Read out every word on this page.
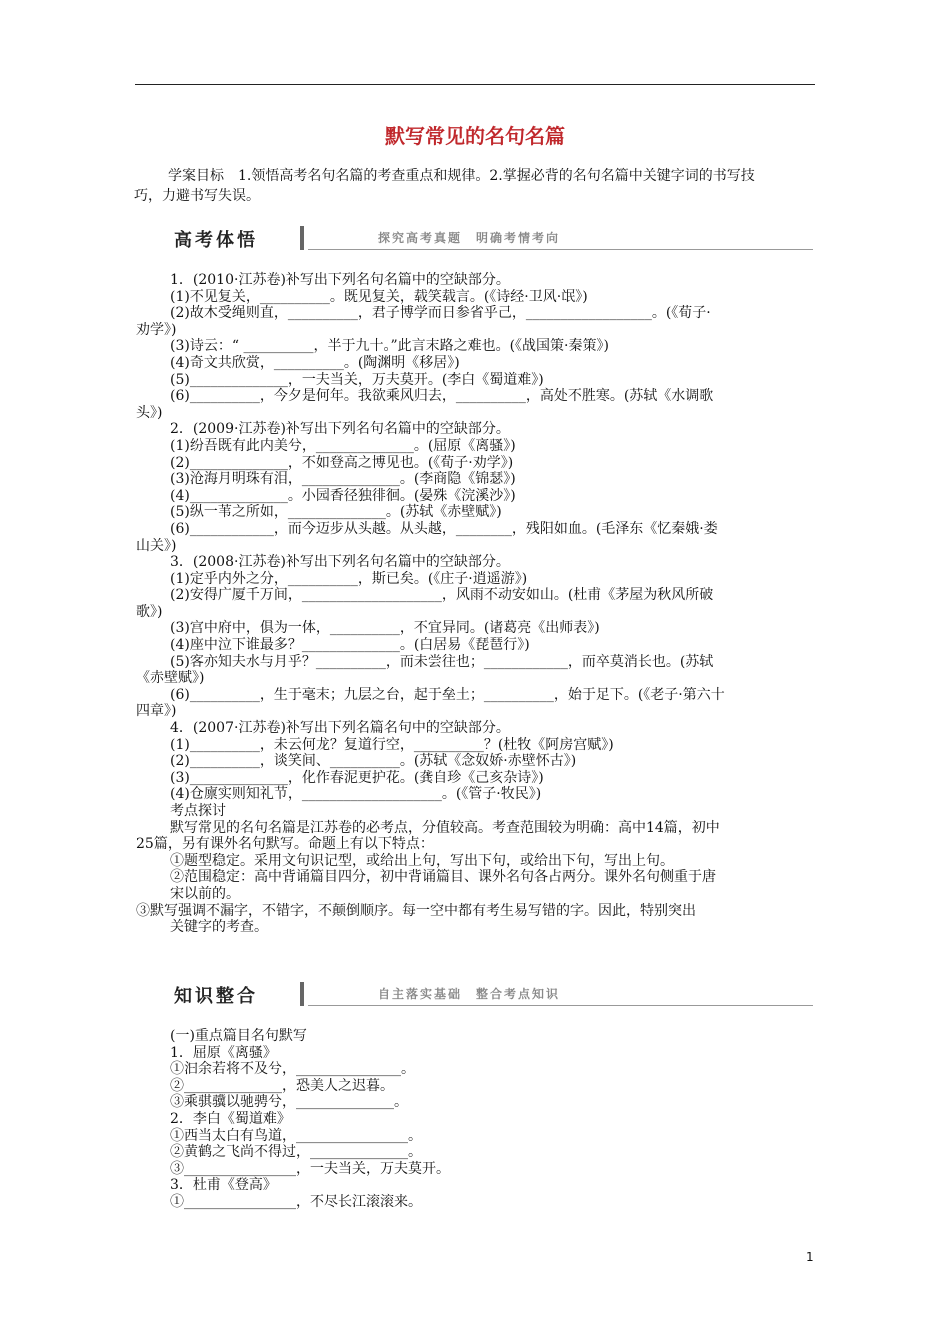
默写常见的名句名篇
学案目标　1.领悟高考名句名篇的考查重点和规律。2.掌握必背的名句名篇中关键字词的书写技巧，力避书写失误。
高考体悟	探究高考真题　明确考情考向

1．(2010·江苏卷)补写出下列名句名篇中的空缺部分。

(1)不见复关，__________。既见复关，载笑载言。(《诗经·卫风·氓》)

(2)故木受绳则直，__________，君子博学而日参省乎己，__________________。(《荀子·

劝学》)

(3)诗云：“ __________，半于九十。”此言末路之难也。(《战国策·秦策》)

(4)奇文共欣赏，__________。(陶渊明《移居》)

(5)______________，一夫当关，万夫莫开。(李白《蜀道难》)

(6)__________，今夕是何年。我欲乘风归去，__________，高处不胜寒。(苏轼《水调歌

头》)

2．(2009·江苏卷)补写出下列名句名篇中的空缺部分。

(1)纷吾既有此内美兮，______________。(屈原《离骚》)

(2)______________，不如登高之博见也。(《荀子·劝学》)

(3)沧海月明珠有泪，______________。(李商隐《锦瑟》)

(4)______________。小园香径独徘徊。(晏殊《浣溪沙》)

(5)纵一苇之所如，______________。(苏轼《赤壁赋》)

(6)____________，而今迈步从头越。从头越，________，残阳如血。(毛泽东《忆秦娥·娄

山关》)

3．(2008·江苏卷)补写出下列名句名篇中的空缺部分。

(1)定乎内外之分，__________，斯已矣。(《庄子·逍遥游》)

(2)安得广厦千万间，____________________，风雨不动安如山。(杜甫《茅屋为秋风所破

歌》)

(3)宫中府中，俱为一体，__________，不宜异同。(诸葛亮《出师表》)

(4)座中泣下谁最多？______________。(白居易《琵琶行》)

(5)客亦知夫水与月乎？__________，而未尝往也；____________，而卒莫消长也。(苏轼

《赤壁赋》)

(6)__________，生于毫末；九层之台，起于垒土；__________，始于足下。(《老子·第六十

四章》)

4．(2007·江苏卷)补写出下列名篇名句中的空缺部分。

(1)__________，未云何龙？复道行空，__________？(杜牧《阿房宫赋》)

(2)__________，谈笑间、__________。(苏轼《念奴娇·赤壁怀古》)

(3)______________，化作春泥更护花。(龚自珍《己亥杂诗》)

(4)仓廪实则知礼节，____________________。(《管子·牧民》)

考点探讨

默写常见的名句名篇是江苏卷的必考点，分值较高。考查范围较为明确：高中14篇，初中

25篇，另有课外名句默写。命题上有以下特点：

①题型稳定。采用文句识记型，或给出上句，写出下句，或给出下句，写出上句。

②范围稳定：高中背诵篇目四分，初中背诵篇目、课外名句各占两分。课外名句侧重于唐

宋以前的。

③默写强调不漏字，不错字，不颠倒顺序。每一空中都有考生易写错的字。因此，特别突出

关键字的考查。

知识整合	自主落实基础　整合考点知识

(一)重点篇目名句默写

1．屈原《离骚》

①汩余若将不及兮，_______________。

②______________，恐美人之迟暮。

③乘骐骥以驰骋兮，______________。

2．李白《蜀道难》

①西当太白有鸟道，________________。

②黄鹤之飞尚不得过，______________。

③________________，一夫当关，万夫莫开。

3．杜甫《登高》

①________________，不尽长江滚滚来。

1
